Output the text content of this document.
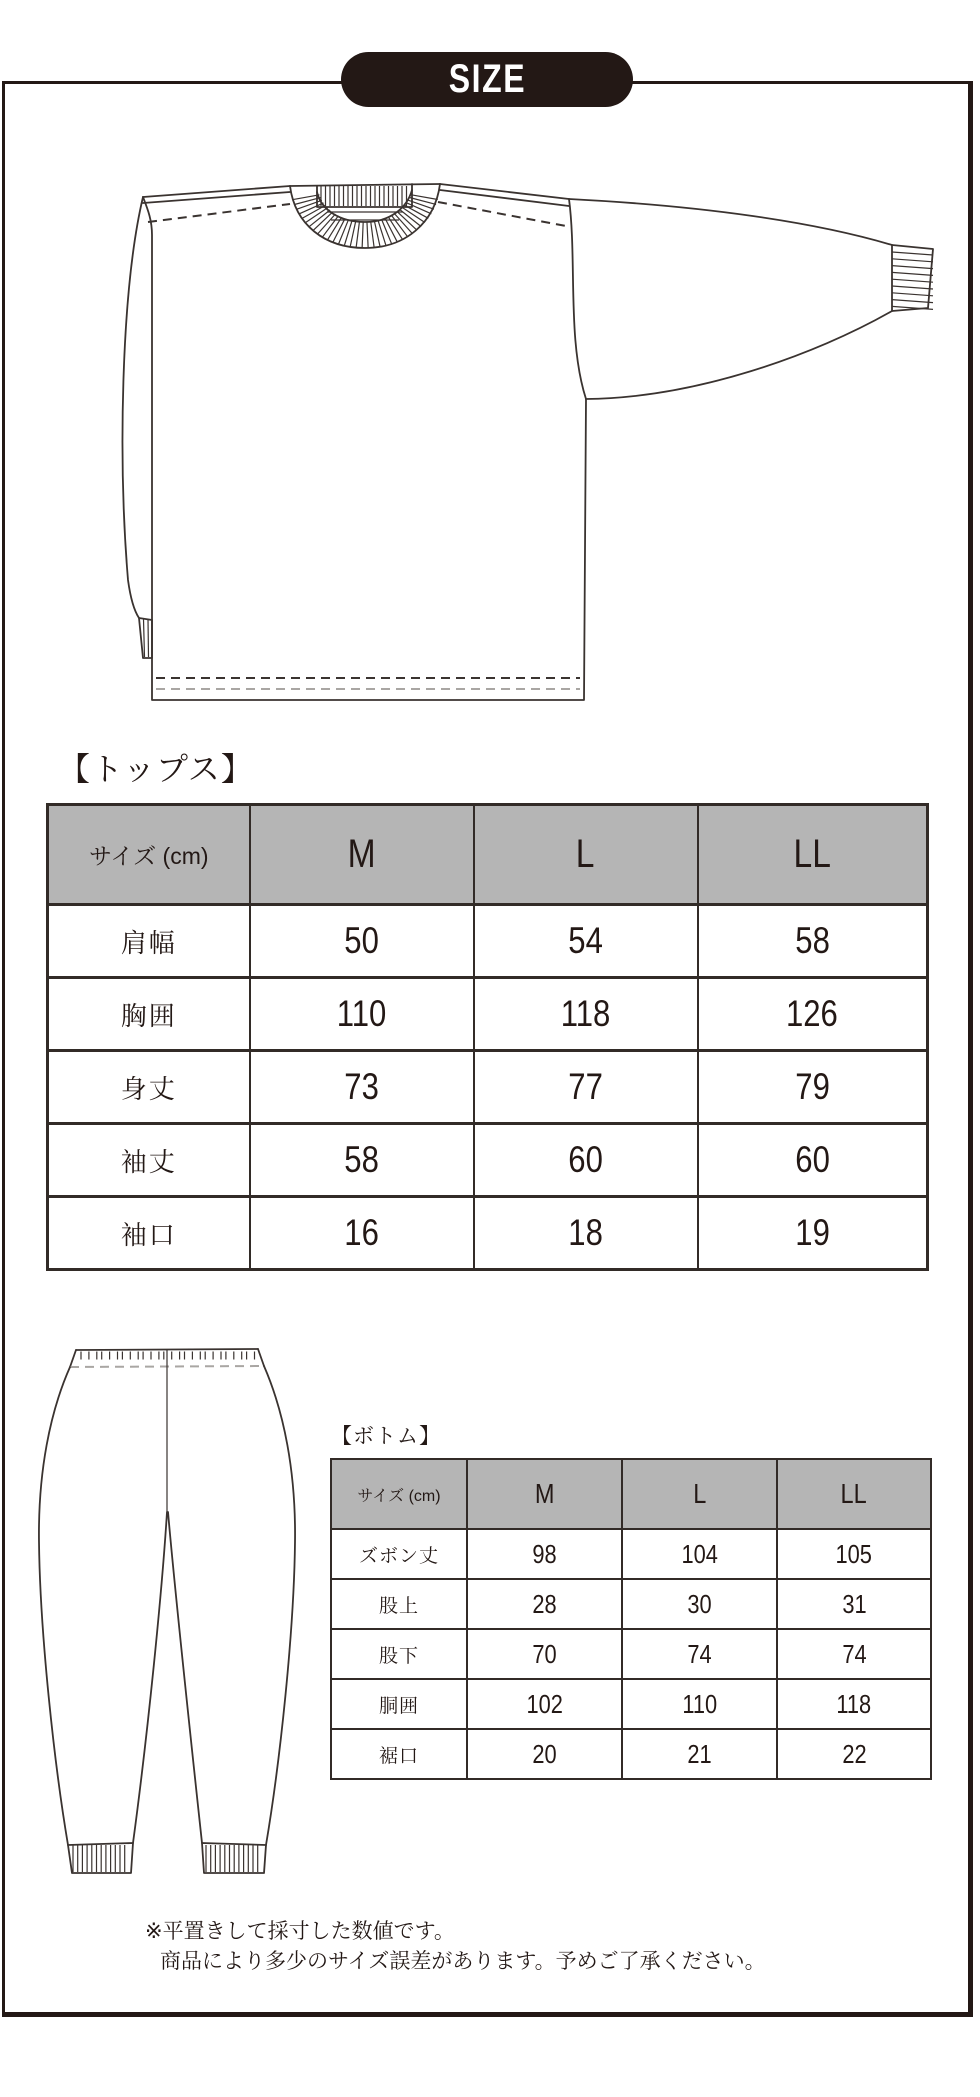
SIZE
【トップス】
【ボトム】
サイズ (cm)	M	L	LL
肩幅	50	54	58
胸囲	110	118	126
身丈	73	77	79
袖丈	58	60	60
袖口	16	18	19
サイズ (cm)	M	L	LL
ズボン丈	98	104	105
股上	28	30	31
股下	70	74	74
胴囲	102	110	118
裾口	20	21	22
※平置きして採寸した数値です。
商品により多少のサイズ誤差があります。予めご了承ください。
